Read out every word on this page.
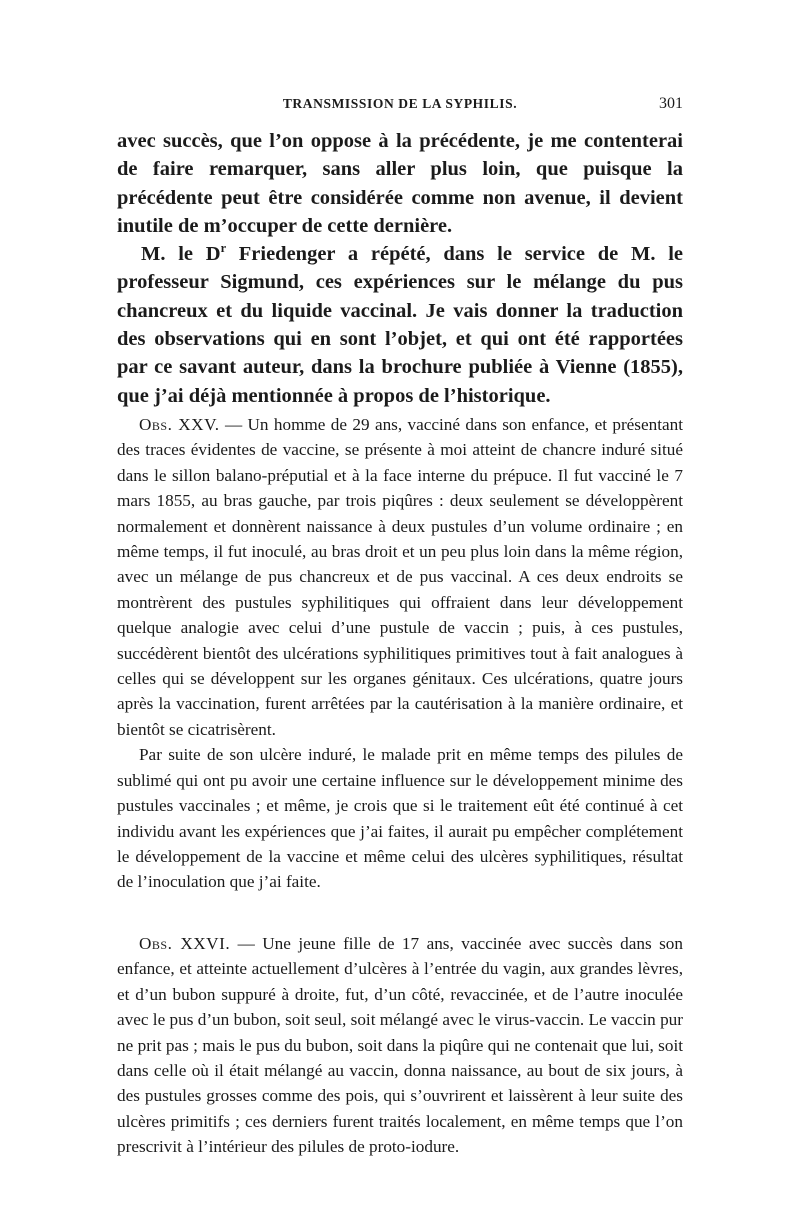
TRANSMISSION DE LA SYPHILIS.	301

avec succès, que l’on oppose à la précédente, je me contenterai de faire remarquer, sans aller plus loin, que puisque la précédente peut être considérée comme non avenue, il devient inutile de m’occuper de cette dernière.

M. le $D^r$ Friedenger a répété, dans le service de M. le professeur Sigmund, ces expériences sur le mélange du pus chancreux et du liquide vaccinal. Je vais donner la traduction des observations qui en sont l’objet, et qui ont été rapportées par ce savant auteur, dans la brochure publiée à Vienne (1855), que j’ai déjà mentionnée à propos de l’historique.

Obs. XXV. — Un homme de 29 ans, vacciné dans son enfance, et présentant des traces évidentes de vaccine, se présente à moi atteint de chancre induré situé dans le sillon balano-préputial et à la face interne du prépuce. Il fut vacciné le 7 mars 1855, au bras gauche, par trois piqûres : deux seulement se développèrent normalement et donnèrent naissance à deux pustules d’un volume ordinaire ; en même temps, il fut inoculé, au bras droit et un peu plus loin dans la même région, avec un mélange de pus chancreux et de pus vaccinal. A ces deux endroits se montrèrent des pustules syphilitiques qui offraient dans leur développement quelque analogie avec celui d’une pustule de vaccin ; puis, à ces pustules, succédèrent bientôt des ulcérations syphilitiques primitives tout à fait analogues à celles qui se développent sur les organes génitaux. Ces ulcérations, quatre jours après la vaccination, furent arrêtées par la cautérisation à la manière ordinaire, et bientôt se cicatrisèrent.

Par suite de son ulcère induré, le malade prit en même temps des pilules de sublimé qui ont pu avoir une certaine influence sur le développement minime des pustules vaccinales ; et même, je crois que si le traitement eût été continué à cet individu avant les expériences que j’ai faites, il aurait pu empêcher complétement le développement de la vaccine et même celui des ulcères syphilitiques, résultat de l’inoculation que j’ai faite.

Obs. XXVI. — Une jeune fille de 17 ans, vaccinée avec succès dans son enfance, et atteinte actuellement d’ulcères à l’entrée du vagin, aux grandes lèvres, et d’un bubon suppuré à droite, fut, d’un côté, revaccinée, et de l’autre inoculée avec le pus d’un bubon, soit seul, soit mélangé avec le virus-vaccin. Le vaccin pur ne prit pas ; mais le pus du bubon, soit dans la piqûre qui ne contenait que lui, soit dans celle où il était mélangé au vaccin, donna naissance, au bout de six jours, à des pustules grosses comme des pois, qui s’ouvrirent et laissèrent à leur suite des ulcères primitifs ; ces derniers furent traités localement, en même temps que l’on prescrivit à l’intérieur des pilules de proto-iodure.
